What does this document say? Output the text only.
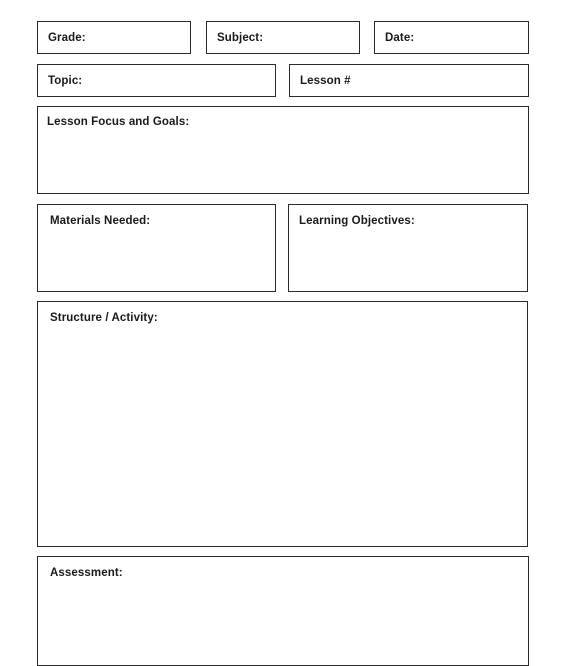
Grade:	Subject:	Date:
Topic:	Lesson #
Lesson Focus and Goals:
Materials Needed:	Learning Objectives:
Structure / Activity:
Assessment:
